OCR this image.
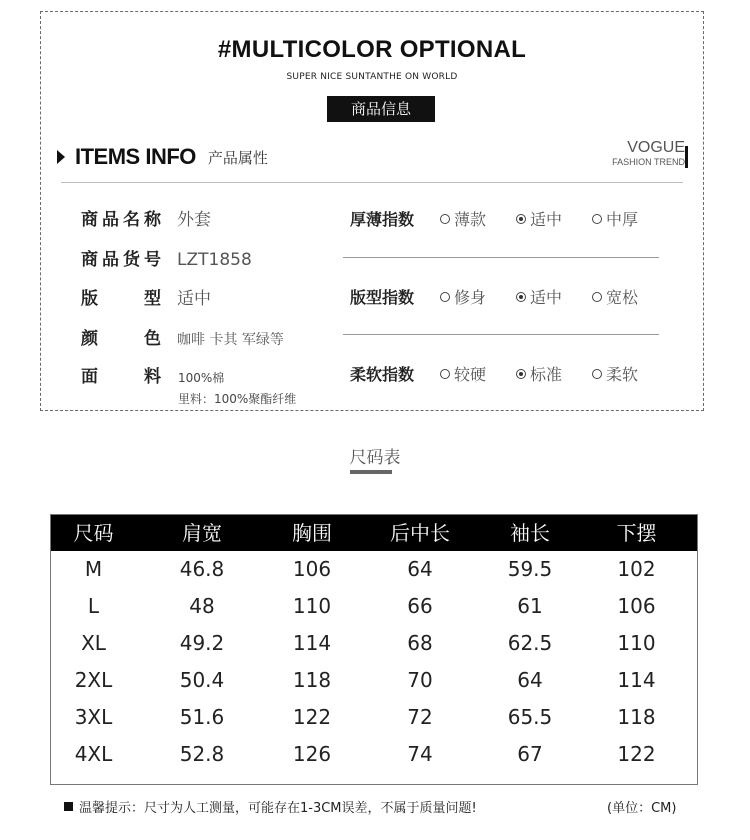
#MULTICOLOR OPTIONAL
SUPER NICE SUNTANTHE ON WORLD
商品信息
ITEMS INFO 产品属性
VOGUE
FASHION TREND
商品名称 外套
商品货号 LZT1858
版型 适中
颜色 咖啡 卡其 军绿等
面料 100%棉
里料：100%聚酯纤维
厚薄指数	薄款	适中	中厚
版型指数	修身	适中	宽松
柔软指数	较硬	标准	柔软
尺码表
尺码	肩宽	胸围	后中长	袖长	下摆
M	46.8	106	64	59.5	102
L	48	110	66	61	106
XL	49.2	114	68	62.5	110
2XL	50.4	118	70	64	114
3XL	51.6	122	72	65.5	118
4XL	52.8	126	74	67	122
温馨提示：尺寸为人工测量，可能存在1-3CM误差，不属于质量问题!	(单位：CM)
